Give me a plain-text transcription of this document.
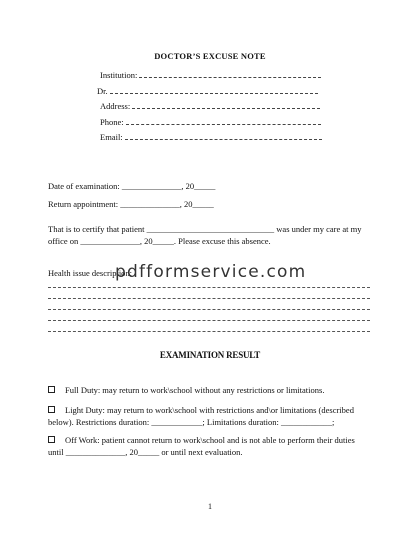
DOCTOR’S EXCUSE NOTE
Institution:
Dr.
Address:
Phone:
Email:
Date of examination: ______________, 20_____
Return appointment: ______________, 20_____
That is to certify that patient ______________________________ was under my care at my
office on ______________, 20_____. Please excuse this absence.
Health issue description:
pdfformservice.com
EXAMINATION RESULT
Full Duty: may return to work\school without any restrictions or limitations.
Light Duty: may return to work\school with restrictions and\or limitations (described below). Restrictions duration: ____________; Limitations duration: ____________;
Off Work: patient cannot return to work\school and is not able to perform their duties until ______________, 20_____ or until next evaluation.
1
